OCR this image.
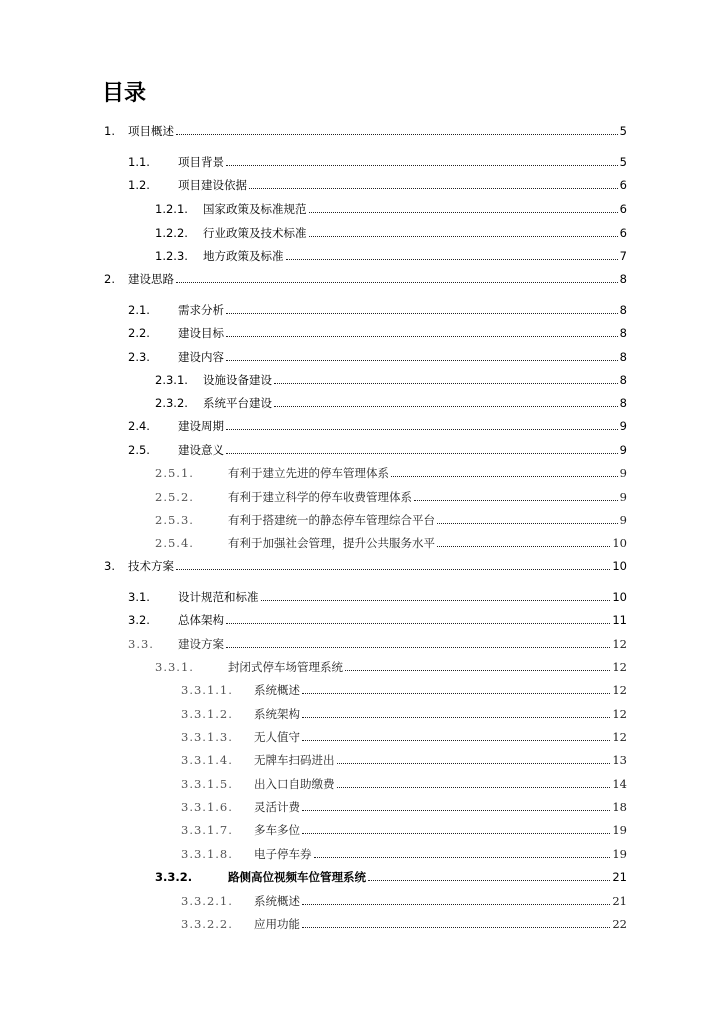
目录
1.	项目概述	5
1.1.	项目背景	5
1.2.	项目建设依据	6
1.2.1.	国家政策及标准规范	6
1.2.2.	行业政策及技术标准	6
1.2.3.	地方政策及标准	7
2.	建设思路	8
2.1.	需求分析	8
2.2.	建设目标	8
2.3.	建设内容	8
2.3.1.	设施设备建设	8
2.3.2.	系统平台建设	8
2.4.	建设周期	9
2.5.	建设意义	9
2.5.1.	有利于建立先进的停车管理体系	9
2.5.2.	有利于建立科学的停车收费管理体系	9
2.5.3.	有利于搭建统一的静态停车管理综合平台	9
2.5.4.	有利于加强社会管理，提升公共服务水平	10
3.	技术方案	10
3.1.	设计规范和标准	10
3.2.	总体架构	11
3.3.	建设方案	12
3.3.1.	封闭式停车场管理系统	12
3.3.1.1.	系统概述	12
3.3.1.2.	系统架构	12
3.3.1.3.	无人值守	12
3.3.1.4.	无牌车扫码进出	13
3.3.1.5.	出入口自助缴费	14
3.3.1.6.	灵活计费	18
3.3.1.7.	多车多位	19
3.3.1.8.	电子停车券	19
3.3.2.	路侧高位视频车位管理系统	21
3.3.2.1.	系统概述	21
3.3.2.2.	应用功能	22
